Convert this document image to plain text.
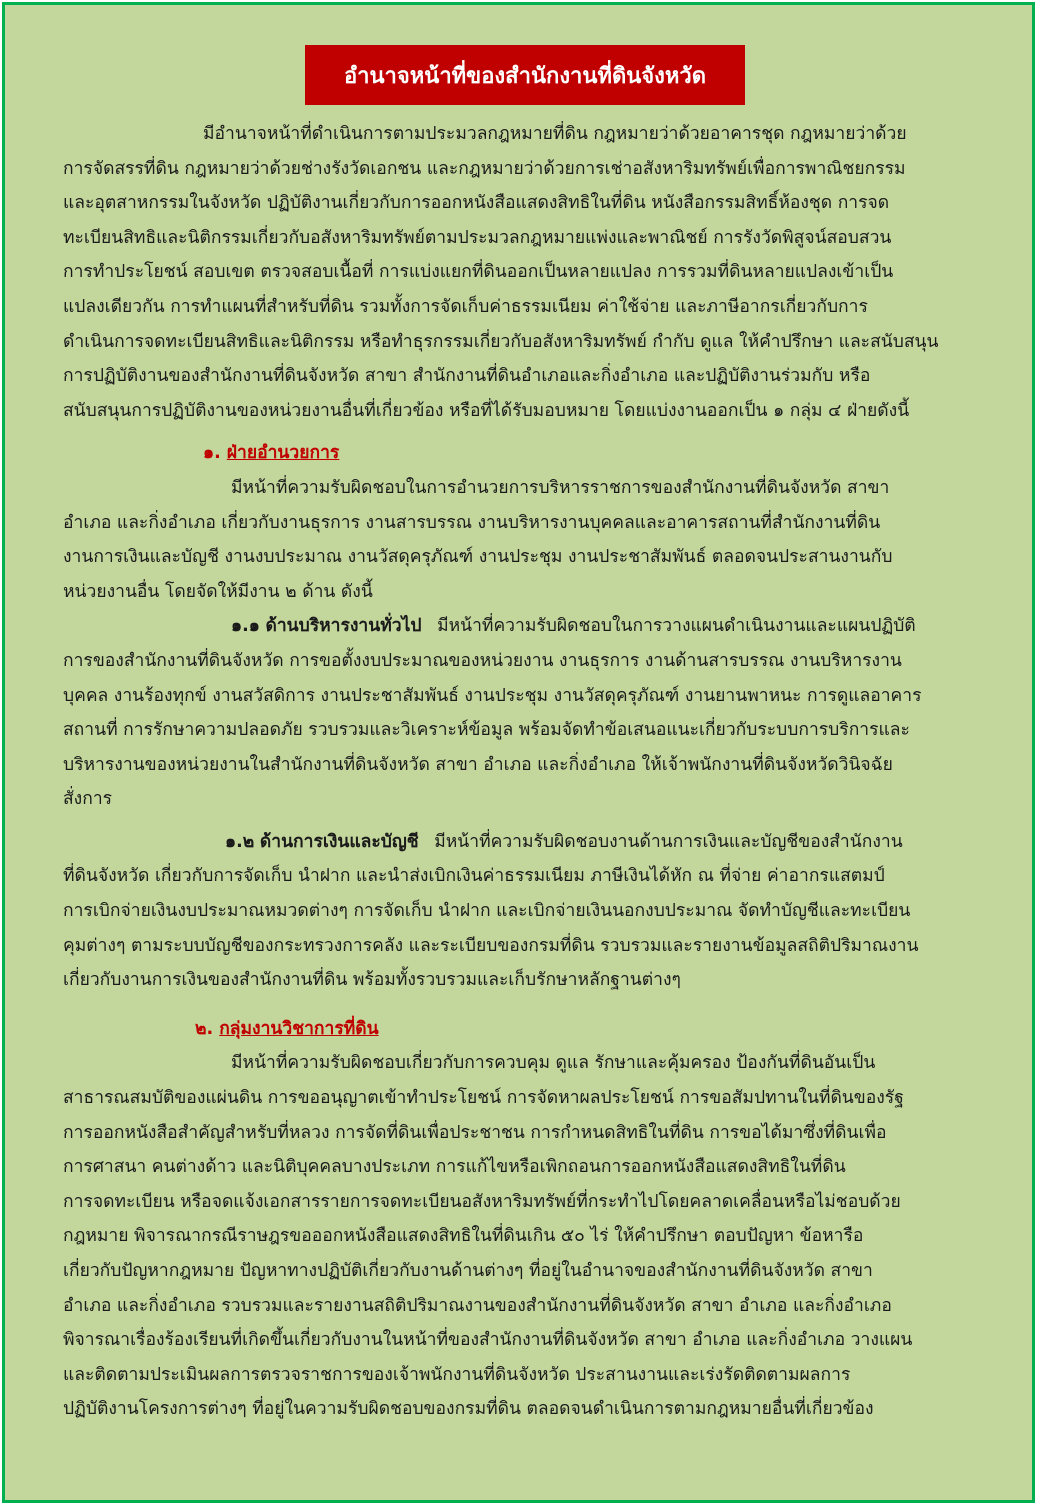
อำนาจหน้าที่ของสำนักงานที่ดินจังหวัด
มีอำนาจหน้าที่ดำเนินการตามประมวลกฎหมายที่ดิน กฎหมายว่าด้วยอาคารชุด กฎหมายว่าด้วย
การจัดสรรที่ดิน กฎหมายว่าด้วยช่างรังวัดเอกชน และกฎหมายว่าด้วยการเช่าอสังหาริมทรัพย์เพื่อการพาณิชยกรรม
และอุตสาหกรรมในจังหวัด ปฏิบัติงานเกี่ยวกับการออกหนังสือแสดงสิทธิในที่ดิน หนังสือกรรมสิทธิ์ห้องชุด การจด
ทะเบียนสิทธิและนิติกรรมเกี่ยวกับอสังหาริมทรัพย์ตามประมวลกฎหมายแพ่งและพาณิชย์ การรังวัดพิสูจน์สอบสวน
การทำประโยชน์ สอบเขต ตรวจสอบเนื้อที่ การแบ่งแยกที่ดินออกเป็นหลายแปลง การรวมที่ดินหลายแปลงเข้าเป็น
แปลงเดียวกัน การทำแผนที่สำหรับที่ดิน รวมทั้งการจัดเก็บค่าธรรมเนียม ค่าใช้จ่าย และภาษีอากรเกี่ยวกับการ
ดำเนินการจดทะเบียนสิทธิและนิติกรรม หรือทำธุรกรรมเกี่ยวกับอสังหาริมทรัพย์ กำกับ ดูแล ให้คำปรึกษา และสนับสนุน
การปฏิบัติงานของสำนักงานที่ดินจังหวัด สาขา สำนักงานที่ดินอำเภอและกิ่งอำเภอ และปฏิบัติงานร่วมกับ หรือ
สนับสนุนการปฏิบัติงานของหน่วยงานอื่นที่เกี่ยวข้อง หรือที่ได้รับมอบหมาย โดยแบ่งงานออกเป็น ๑ กลุ่ม ๔ ฝ่ายดังนี้
๑. ฝ่ายอำนวยการ
มีหน้าที่ความรับผิดชอบในการอำนวยการบริหารราชการของสำนักงานที่ดินจังหวัด สาขา
อำเภอ และกิ่งอำเภอ เกี่ยวกับงานธุรการ งานสารบรรณ งานบริหารงานบุคคลและอาคารสถานที่สำนักงานที่ดิน
งานการเงินและบัญชี งานงบประมาณ งานวัสดุครุภัณฑ์ งานประชุม งานประชาสัมพันธ์ ตลอดจนประสานงานกับ
หน่วยงานอื่น โดยจัดให้มีงาน ๒ ด้าน ดังนี้
๑.๑ ด้านบริหารงานทั่วไป มีหน้าที่ความรับผิดชอบในการวางแผนดำเนินงานและแผนปฏิบัติ
การของสำนักงานที่ดินจังหวัด การขอตั้งงบประมาณของหน่วยงาน งานธุรการ งานด้านสารบรรณ งานบริหารงาน
บุคคล งานร้องทุกข์ งานสวัสดิการ งานประชาสัมพันธ์ งานประชุม งานวัสดุครุภัณฑ์ งานยานพาหนะ การดูแลอาคาร
สถานที่ การรักษาความปลอดภัย รวบรวมและวิเคราะห์ข้อมูล พร้อมจัดทำข้อเสนอแนะเกี่ยวกับระบบการบริการและ
บริหารงานของหน่วยงานในสำนักงานที่ดินจังหวัด สาขา อำเภอ และกิ่งอำเภอ ให้เจ้าพนักงานที่ดินจังหวัดวินิจฉัย
สั่งการ
๑.๒ ด้านการเงินและบัญชี มีหน้าที่ความรับผิดชอบงานด้านการเงินและบัญชีของสำนักงาน
ที่ดินจังหวัด เกี่ยวกับการจัดเก็บ นำฝาก และนำส่งเบิกเงินค่าธรรมเนียม ภาษีเงินได้หัก ณ ที่จ่าย ค่าอากรแสตมป์
การเบิกจ่ายเงินงบประมาณหมวดต่างๆ การจัดเก็บ นำฝาก และเบิกจ่ายเงินนอกงบประมาณ จัดทำบัญชีและทะเบียน
คุมต่างๆ ตามระบบบัญชีของกระทรวงการคลัง และระเบียบของกรมที่ดิน รวบรวมและรายงานข้อมูลสถิติปริมาณงาน
เกี่ยวกับงานการเงินของสำนักงานที่ดิน พร้อมทั้งรวบรวมและเก็บรักษาหลักฐานต่างๆ
๒. กลุ่มงานวิชาการที่ดิน
มีหน้าที่ความรับผิดชอบเกี่ยวกับการควบคุม ดูแล รักษาและคุ้มครอง ป้องกันที่ดินอันเป็น
สาธารณสมบัติของแผ่นดิน การขออนุญาตเข้าทำประโยชน์ การจัดหาผลประโยชน์ การขอสัมปทานในที่ดินของรัฐ
การออกหนังสือสำคัญสำหรับที่หลวง การจัดที่ดินเพื่อประชาชน การกำหนดสิทธิในที่ดิน การขอได้มาซึ่งที่ดินเพื่อ
การศาสนา คนต่างด้าว และนิติบุคคลบางประเภท การแก้ไขหรือเพิกถอนการออกหนังสือแสดงสิทธิในที่ดิน
การจดทะเบียน หรือจดแจ้งเอกสารรายการจดทะเบียนอสังหาริมทรัพย์ที่กระทำไปโดยคลาดเคลื่อนหรือไม่ชอบด้วย
กฎหมาย พิจารณากรณีราษฎรขอออกหนังสือแสดงสิทธิในที่ดินเกิน ๕๐ ไร่ ให้คำปรึกษา ตอบปัญหา ข้อหารือ
เกี่ยวกับปัญหากฎหมาย ปัญหาทางปฏิบัติเกี่ยวกับงานด้านต่างๆ ที่อยู่ในอำนาจของสำนักงานที่ดินจังหวัด สาขา
อำเภอ และกิ่งอำเภอ รวบรวมและรายงานสถิติปริมาณงานของสำนักงานที่ดินจังหวัด สาขา อำเภอ และกิ่งอำเภอ
พิจารณาเรื่องร้องเรียนที่เกิดขึ้นเกี่ยวกับงานในหน้าที่ของสำนักงานที่ดินจังหวัด สาขา อำเภอ และกิ่งอำเภอ วางแผน
และติดตามประเมินผลการตรวจราชการของเจ้าพนักงานที่ดินจังหวัด ประสานงานและเร่งรัดติดตามผลการ
ปฏิบัติงานโครงการต่างๆ ที่อยู่ในความรับผิดชอบของกรมที่ดิน ตลอดจนดำเนินการตามกฎหมายอื่นที่เกี่ยวข้อง
